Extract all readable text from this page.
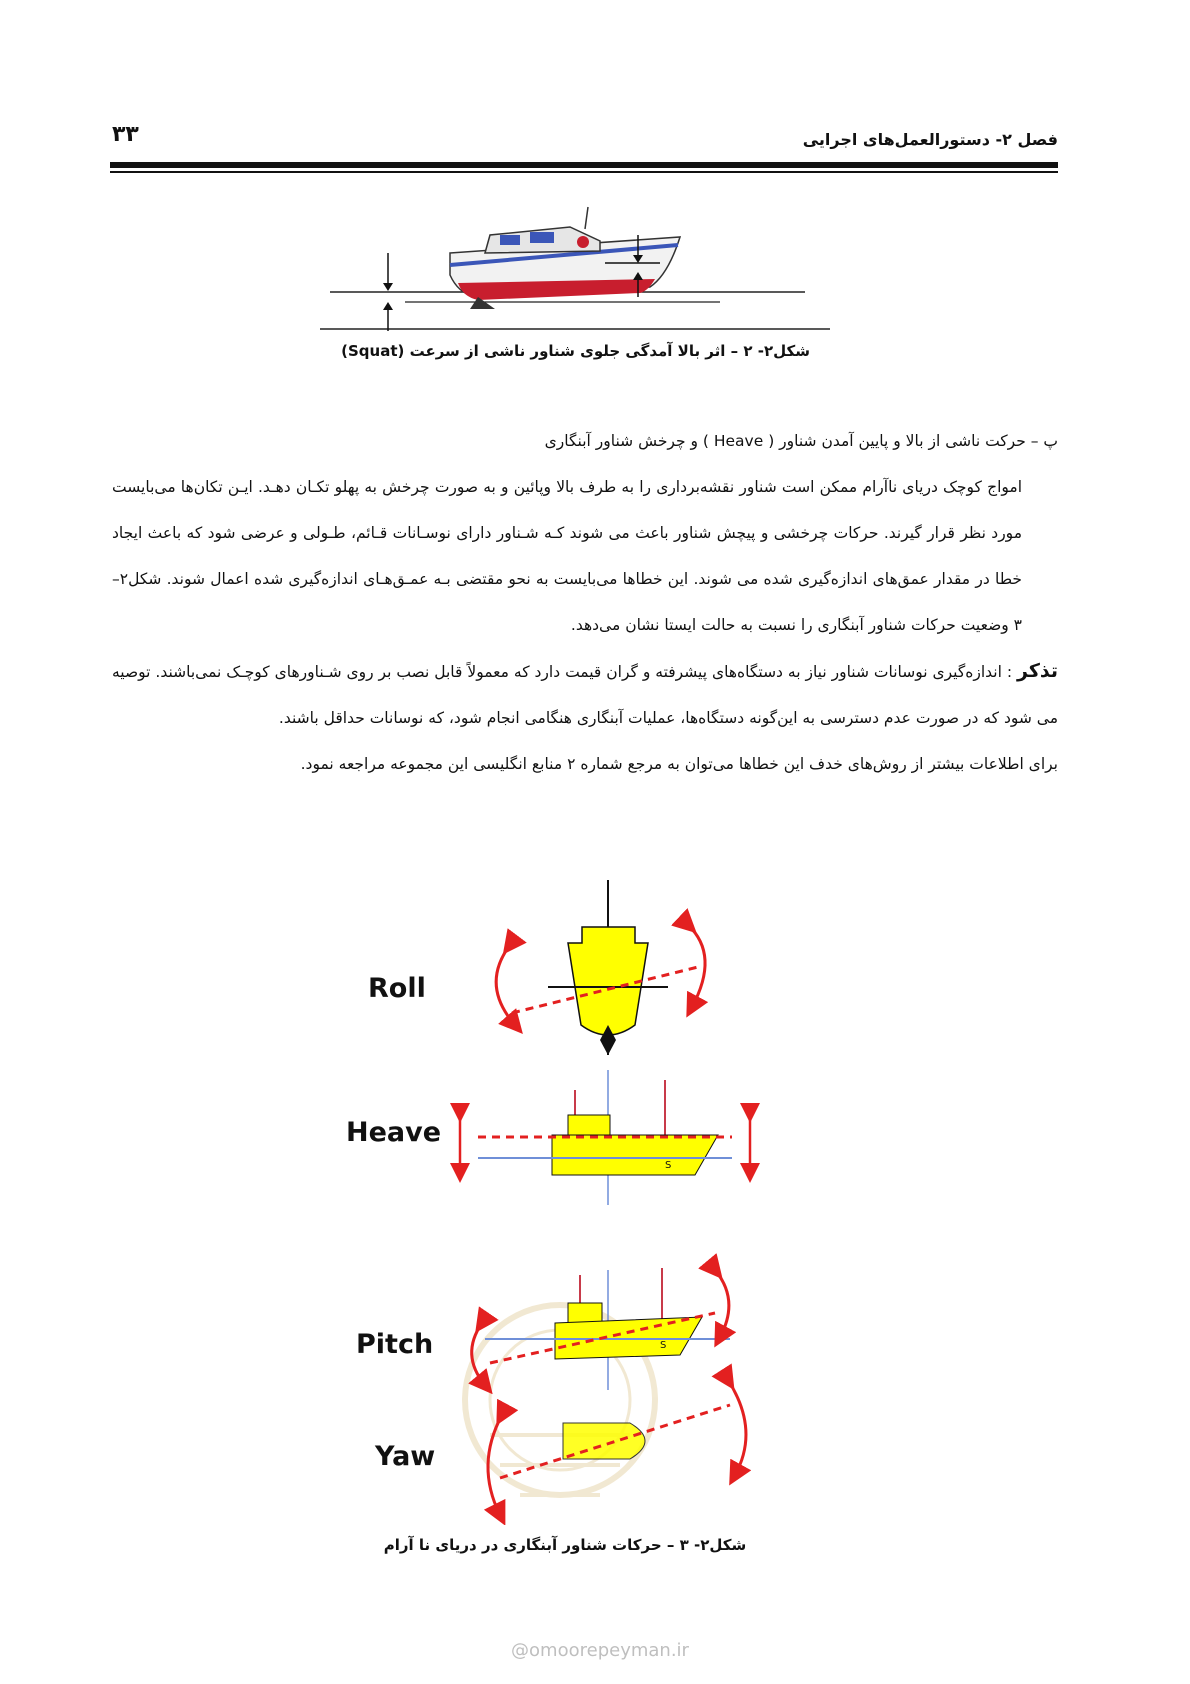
۳۳	فصل ۲- دستورالعمل‌های اجرایی
شکل۲- ۲ – اثر بالا آمدگی جلوی شناور ناشی از سرعت (Squat)

پ – حرکت ناشی از بالا و پایین آمدن شناور ( Heave ) و چرخش شناور آبنگاری

امواج کوچک دریای ناآرام ممکن است شناور نقشه‌برداری را به طرف بالا وپائین و به صورت چرخش به پهلو تکـان دهـد. ایـن تکان‌ها می‌بایست مورد نظر قرار گیرند. حرکات چرخشی و پیچش شناور باعث می شوند کـه شـناور دارای نوسـانات قـائم، طـولی و عرضی شود که باعث ایجاد خطا در مقدار عمق‌های اندازه‌گیری شده می شوند. این خطاها می‌بایست به نحو مقتضی بـه عمـق‌هـای اندازه‌گیری شده اعمال شوند. شکل۲–۳ وضعیت حرکات شناور آبنگاری را نسبت به حالت ایستا نشان می‌دهد.

تذکر : اندازه‌گیری نوسانات شناور نیاز به دستگاه‌های پیشرفته و گران قیمت دارد که معمولاً قابل نصب بر روی شـناورهای کوچـک نمی‌باشند. توصیه می شود که در صورت عدم دسترسی به این‌گونه دستگاه‌ها، عملیات آبنگاری هنگامی انجام شود، که نوسانات حداقل باشند.

برای اطلاعات بیشتر از روش‌های خدف این خطاها می‌توان به مرجع شماره ۲ منابع انگلیسی این مجموعه مراجعه نمود.

Roll
Heave
S
Pitch	S
Yaw
شکل۲- ۳ – حرکات شناور آبنگاری در دریای نا آرام
@omoorepeyman.ir
